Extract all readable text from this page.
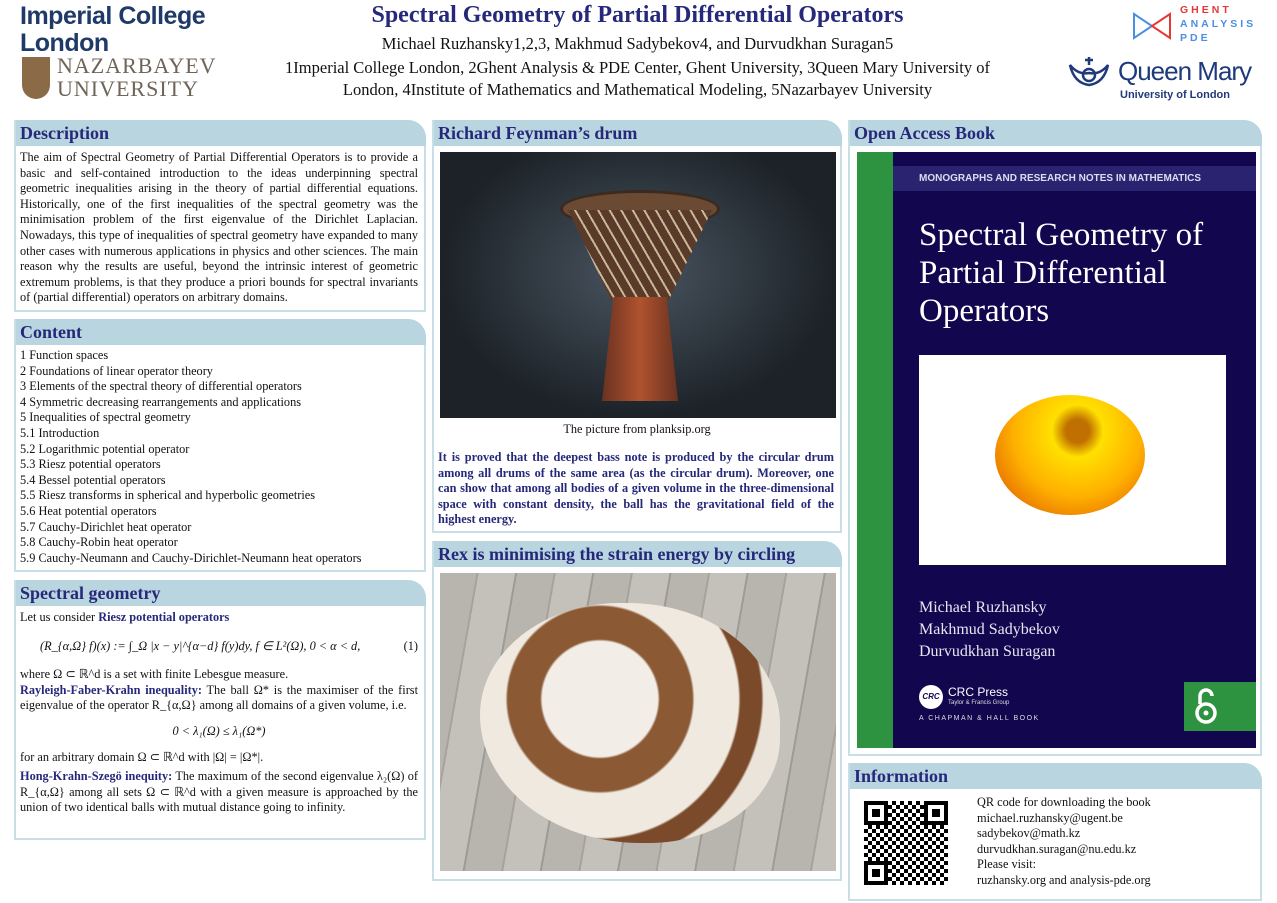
Imperial College
London
NAZARBAYEV
UNIVERSITY
Spectral Geometry of Partial Differential Operators
Michael Ruzhansky1,2,3, Makhmud Sadybekov4, and Durvudkhan Suragan5
1Imperial College London, 2Ghent Analysis & PDE Center, Ghent University, 3Queen Mary University of
London, 4Institute of Mathematics and Mathematical Modeling, 5Nazarbayev University
GHENT
ANALYSIS
PDE
Queen Mary
University of London
Description
The aim of Spectral Geometry of Partial Differential Operators is to provide a basic and self-contained introduction to the ideas underpinning spectral geometric inequalities arising in the theory of partial differential equations. Historically, one of the first inequalities of the spectral geometry was the minimisation problem of the first eigenvalue of the Dirichlet Laplacian. Nowadays, this type of inequalities of spectral geometry have expanded to many other cases with numerous applications in physics and other sciences. The main reason why the results are useful, beyond the intrinsic interest of geometric extremum problems, is that they produce a priori bounds for spectral invariants of (partial differential) operators on arbitrary domains.
Content
1 Function spaces
2 Foundations of linear operator theory
3 Elements of the spectral theory of differential operators
4 Symmetric decreasing rearrangements and applications
5 Inequalities of spectral geometry
5.1 Introduction
5.2 Logarithmic potential operator
5.3 Riesz potential operators
5.4 Bessel potential operators
5.5 Riesz transforms in spherical and hyperbolic geometries
5.6 Heat potential operators
5.7 Cauchy-Dirichlet heat operator
5.8 Cauchy-Robin heat operator
5.9 Cauchy-Neumann and Cauchy-Dirichlet-Neumann heat operators
Spectral geometry
Let us consider Riesz potential operators
(R_{α,Ω} f)(x) := ∫_Ω |x − y|^{α−d} f(y)dy, f ∈ L²(Ω), 0 < α < d,	(1)
where Ω ⊂ ℝ^d is a set with finite Lebesgue measure.
Rayleigh-Faber-Krahn inequality: The ball Ω* is the maximiser of the first eigenvalue of the operator R_{α,Ω} among all domains of a given volume, i.e.
0 < λ₁(Ω) ≤ λ₁(Ω*)
for an arbitrary domain Ω ⊂ ℝ^d with |Ω| = |Ω*|.
Hong-Krahn-Szegö inequity: The maximum of the second eigenvalue λ₂(Ω) of R_{α,Ω} among all sets Ω ⊂ ℝ^d with a given measure is approached by the union of two identical balls with mutual distance going to infinity.
Richard Feynman’s drum
The picture from planksip.org
It is proved that the deepest bass note is produced by the circular drum among all drums of the same area (as the circular drum). Moreover, one can show that among all bodies of a given volume in the three-dimensional space with constant density, the ball has the gravitational field of the highest energy.
Rex is minimising the strain energy by circling
Open Access Book
MONOGRAPHS AND RESEARCH NOTES IN MATHEMATICS
Spectral Geometry of Partial Differential Operators
Michael Ruzhansky
Makhmud Sadybekov
Durvudkhan Suragan
CRC CRC Press
Taylor & Francis Group
A CHAPMAN & HALL BOOK
Information
QR code for downloading the book
michael.ruzhansky@ugent.be
sadybekov@math.kz
durvudkhan.suragan@nu.edu.kz
Please visit:
ruzhansky.org and analysis-pde.org
